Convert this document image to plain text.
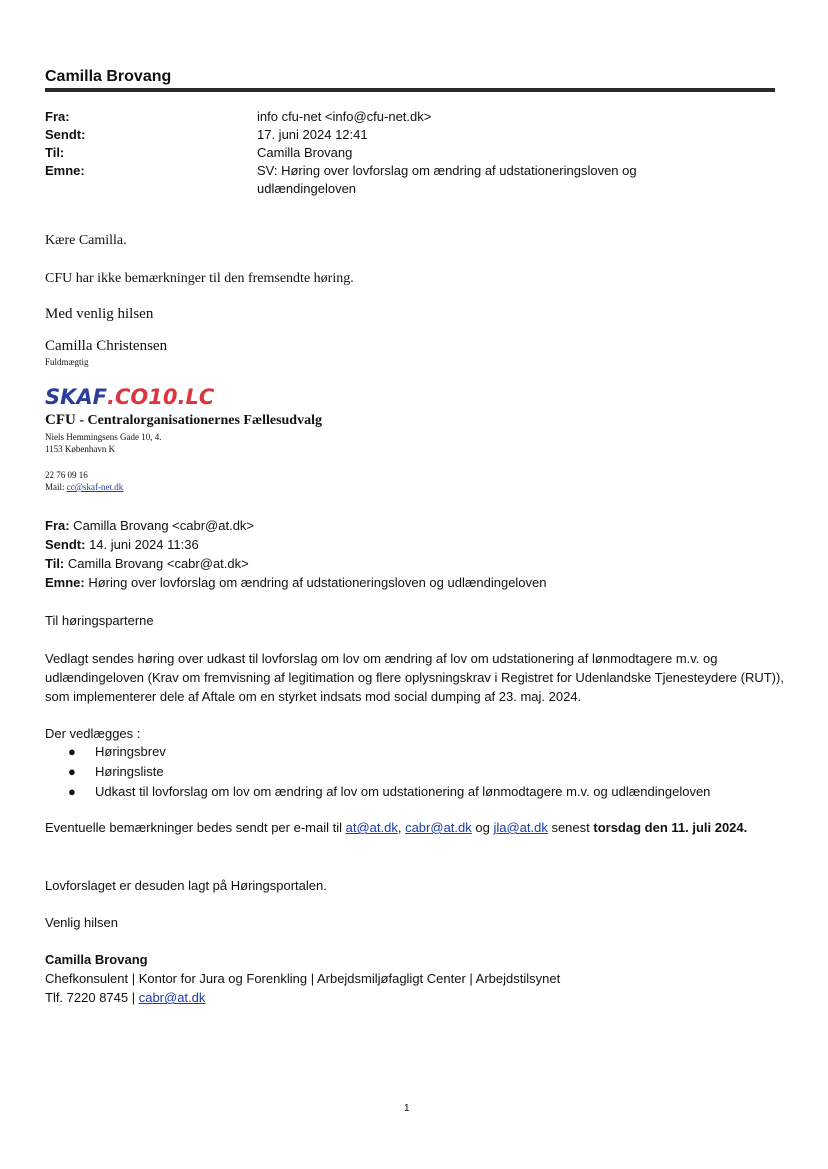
Camilla Brovang
Fra:	info cfu-net <info@cfu-net.dk>
Sendt:	17. juni 2024 12:41
Til:	Camilla Brovang
Emne:	SV: Høring over lovforslag om ændring af udstationeringsloven og udlændingeloven
Kære Camilla.
CFU har ikke bemærkninger til den fremsendte høring.
Med venlig hilsen
Camilla Christensen
Fuldmægtig
SKAF .CO10.LC
CFU - Centralorganisationernes Fællesudvalg
Niels Hemmingsens Gade 10, 4.
1153 København K
22 76 09 16
Mail: cc@skaf-net.dk
Fra: Camilla Brovang <cabr@at.dk>
Sendt: 14. juni 2024 11:36
Til: Camilla Brovang <cabr@at.dk>
Emne: Høring over lovforslag om ændring af udstationeringsloven og udlændingeloven
Til høringsparterne
Vedlagt sendes høring over udkast til lovforslag om lov om ændring af lov om udstationering af lønmodtagere m.v. og udlændingeloven (Krav om fremvisning af legitimation og flere oplysningskrav i Registret for Udenlandske Tjenesteydere (RUT)), som implementerer dele af Aftale om en styrket indsats mod social dumping af 23. maj. 2024.
Der vedlægges :
●	Høringsbrev
●	Høringsliste
●	Udkast til lovforslag om lov om ændring af lov om udstationering af lønmodtagere m.v. og udlændingeloven
Eventuelle bemærkninger bedes sendt per e-mail til at@at.dk, cabr@at.dk og jla@at.dk senest torsdag den 11. juli 2024.
Lovforslaget er desuden lagt på Høringsportalen.
Venlig hilsen
Camilla Brovang
Chefkonsulent | Kontor for Jura og Forenkling | Arbejdsmiljøfagligt Center | Arbejdstilsynet
Tlf. 7220 8745 | cabr@at.dk
1
